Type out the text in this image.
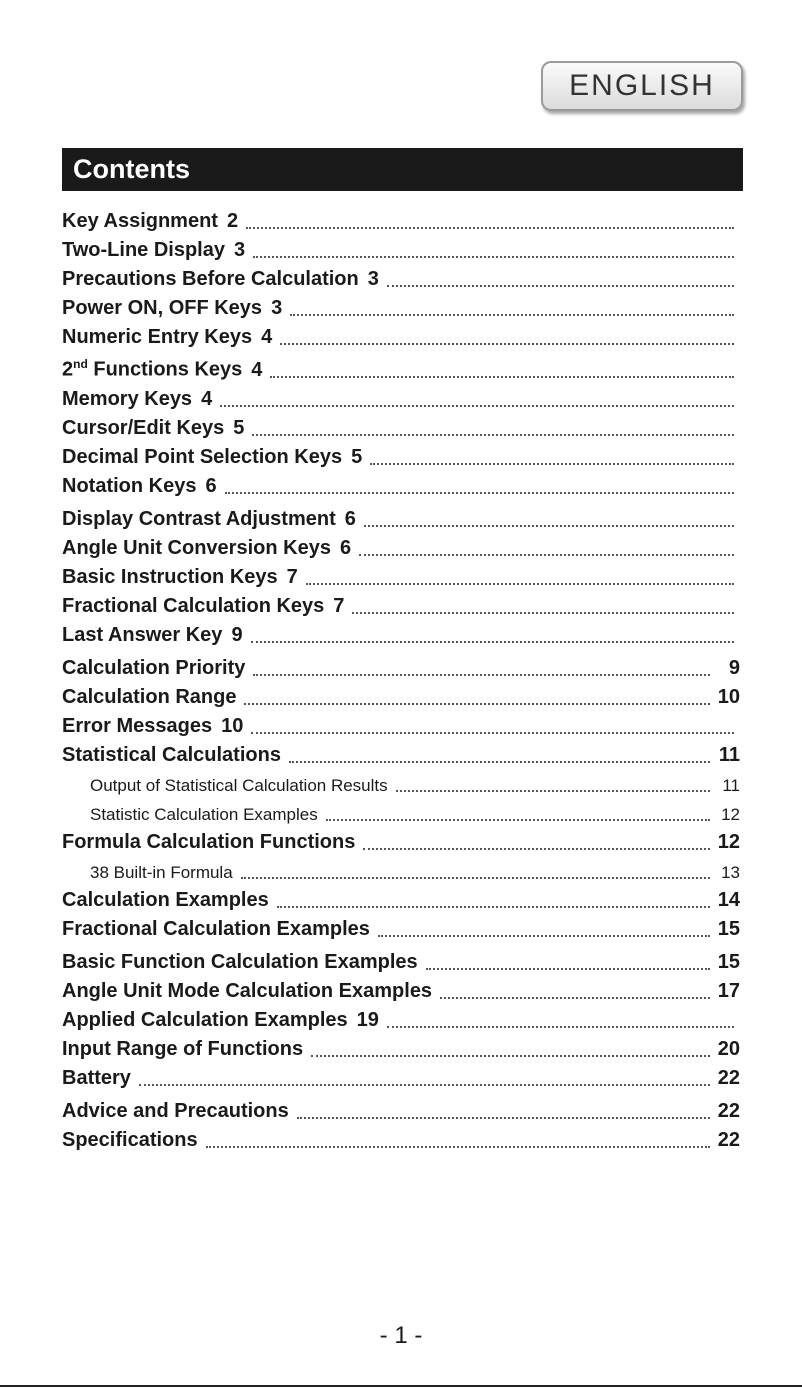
ENGLISH
Contents
Key Assignment 2
Two-Line Display 3
Precautions Before Calculation 3
Power ON, OFF Keys 3
Numeric Entry Keys 4
2nd Functions Keys 4
Memory Keys 4
Cursor/Edit Keys 5
Decimal Point Selection Keys 5
Notation Keys 6
Display Contrast Adjustment 6
Angle Unit Conversion Keys 6
Basic Instruction Keys 7
Fractional Calculation Keys 7
Last Answer Key 9
Calculation Priority	9
Calculation Range	10
Error Messages 10
Statistical Calculations	11
Output of Statistical Calculation Results	11
Statistic Calculation Examples	12
Formula Calculation Functions	12
38 Built-in Formula	13
Calculation Examples	14
Fractional Calculation Examples	15
Basic Function Calculation Examples	15
Angle Unit Mode Calculation Examples	17
Applied Calculation Examples 19
Input Range of Functions	20
Battery	22
Advice and Precautions	22
Specifications	22
- 1 -
